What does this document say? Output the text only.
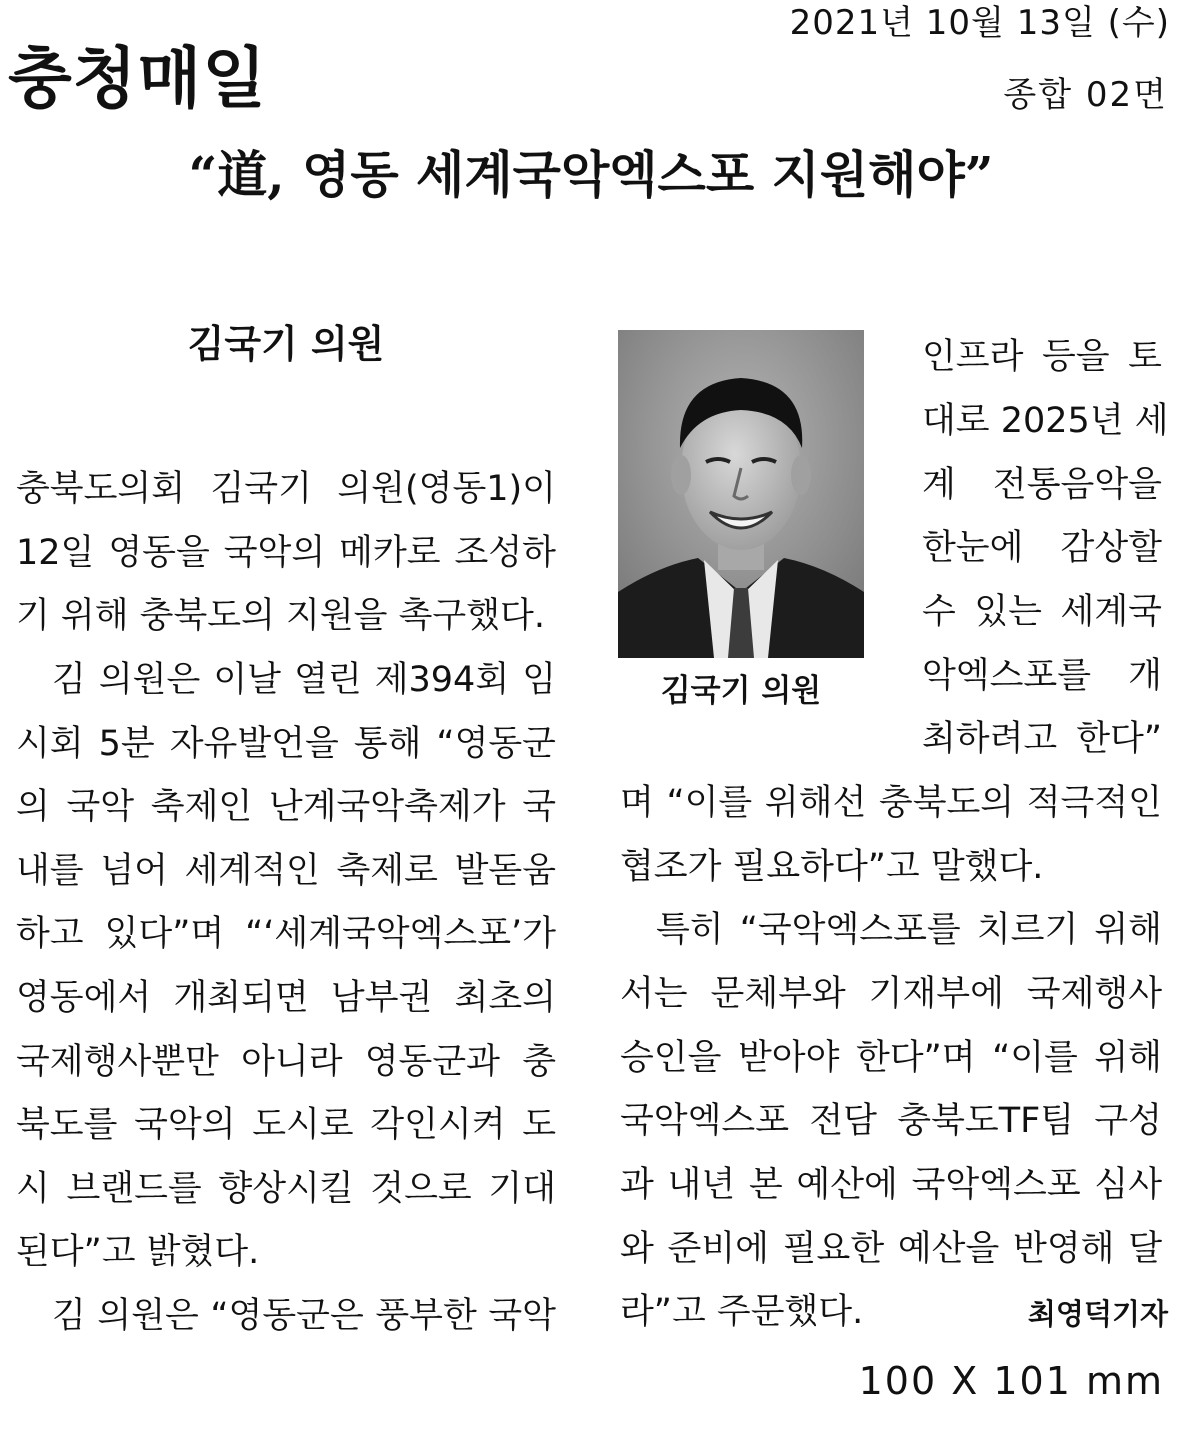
충청매일
2021년 10월 13일 (수)
종합 02면
“道, 영동 세계국악엑스포 지원해야”
김국기 의원
충북도의회 김국기 의원(영동1)이
12일 영동을 국악의 메카로 조성하
기 위해 충북도의 지원을 촉구했다.
김 의원은 이날 열린 제394회 임
시회 5분 자유발언을 통해 “영동군
의 국악 축제인 난계국악축제가 국
내를 넘어 세계적인 축제로 발돋움
하고 있다”며 “‘세계국악엑스포’가
영동에서 개최되면 남부권 최초의
국제행사뿐만 아니라 영동군과 충
북도를 국악의 도시로 각인시켜 도
시 브랜드를 향상시킬 것으로 기대
된다”고 밝혔다.
김 의원은 “영동군은 풍부한 국악
김국기 의원
인프라 등을 토
대로 2025년 세
계 전통음악을
한눈에 감상할
수 있는 세계국
악엑스포를 개
최하려고 한다”
며 “이를 위해선 충북도의 적극적인
협조가 필요하다”고 말했다.
특히 “국악엑스포를 치르기 위해
서는 문체부와 기재부에 국제행사
승인을 받아야 한다”며 “이를 위해
국악엑스포 전담 충북도TF팀 구성
과 내년 본 예산에 국악엑스포 심사
와 준비에 필요한 예산을 반영해 달
라”고 주문했다.	최영덕기자
100 X 101 mm
